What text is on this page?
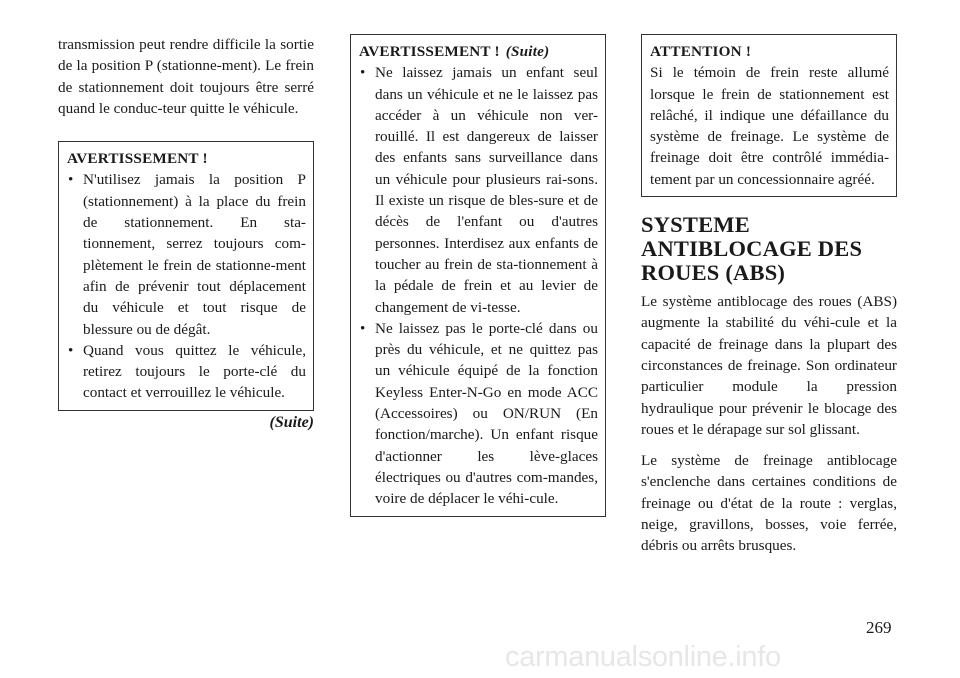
transmission peut rendre difficile la sortie de la position P (stationne-ment). Le frein de stationnement doit toujours être serré quand le conduc-teur quitte le véhicule.

AVERTISSEMENT !
• N'utilisez jamais la position P (stationnement) à la place du frein de stationnement. En sta-tionnement, serrez toujours com-plètement le frein de stationne-ment afin de prévenir tout déplacement du véhicule et tout risque de blessure ou de dégât.
• Quand vous quittez le véhicule, retirez toujours le porte-clé du contact et verrouillez le véhicule.
(Suite)
AVERTISSEMENT ! (Suite)
• Ne laissez jamais un enfant seul dans un véhicule et ne le laissez pas accéder à un véhicule non ver-rouillé. Il est dangereux de laisser des enfants sans surveillance dans un véhicule pour plusieurs rai-sons. Il existe un risque de bles-sure et de décès de l'enfant ou d'autres personnes. Interdisez aux enfants de toucher au frein de sta-tionnement à la pédale de frein et au levier de changement de vi-tesse.
• Ne laissez pas le porte-clé dans ou près du véhicule, et ne quittez pas un véhicule équipé de la fonction Keyless Enter-N-Go en mode ACC (Accessoires) ou ON/RUN (En fonction/marche). Un enfant risque d'actionner les lève-glaces électriques ou d'autres com-mandes, voire de déplacer le véhi-cule.
ATTENTION !

Si le témoin de frein reste allumé lorsque le frein de stationnement est relâché, il indique une défaillance du système de freinage. Le système de freinage doit être contrôlé immédia-tement par un concessionnaire agréé.

SYSTEME ANTIBLOCAGE DES ROUES (ABS)

Le système antiblocage des roues (ABS) augmente la stabilité du véhi-cule et la capacité de freinage dans la plupart des circonstances de freinage. Son ordinateur particulier module la pression hydraulique pour prévenir le blocage des roues et le dérapage sur sol glissant.

Le système de freinage antiblocage s'enclenche dans certaines conditions de freinage ou d'état de la route : verglas, neige, gravillons, bosses, voie ferrée, débris ou arrêts brusques.

269
carmanualsonline.info
